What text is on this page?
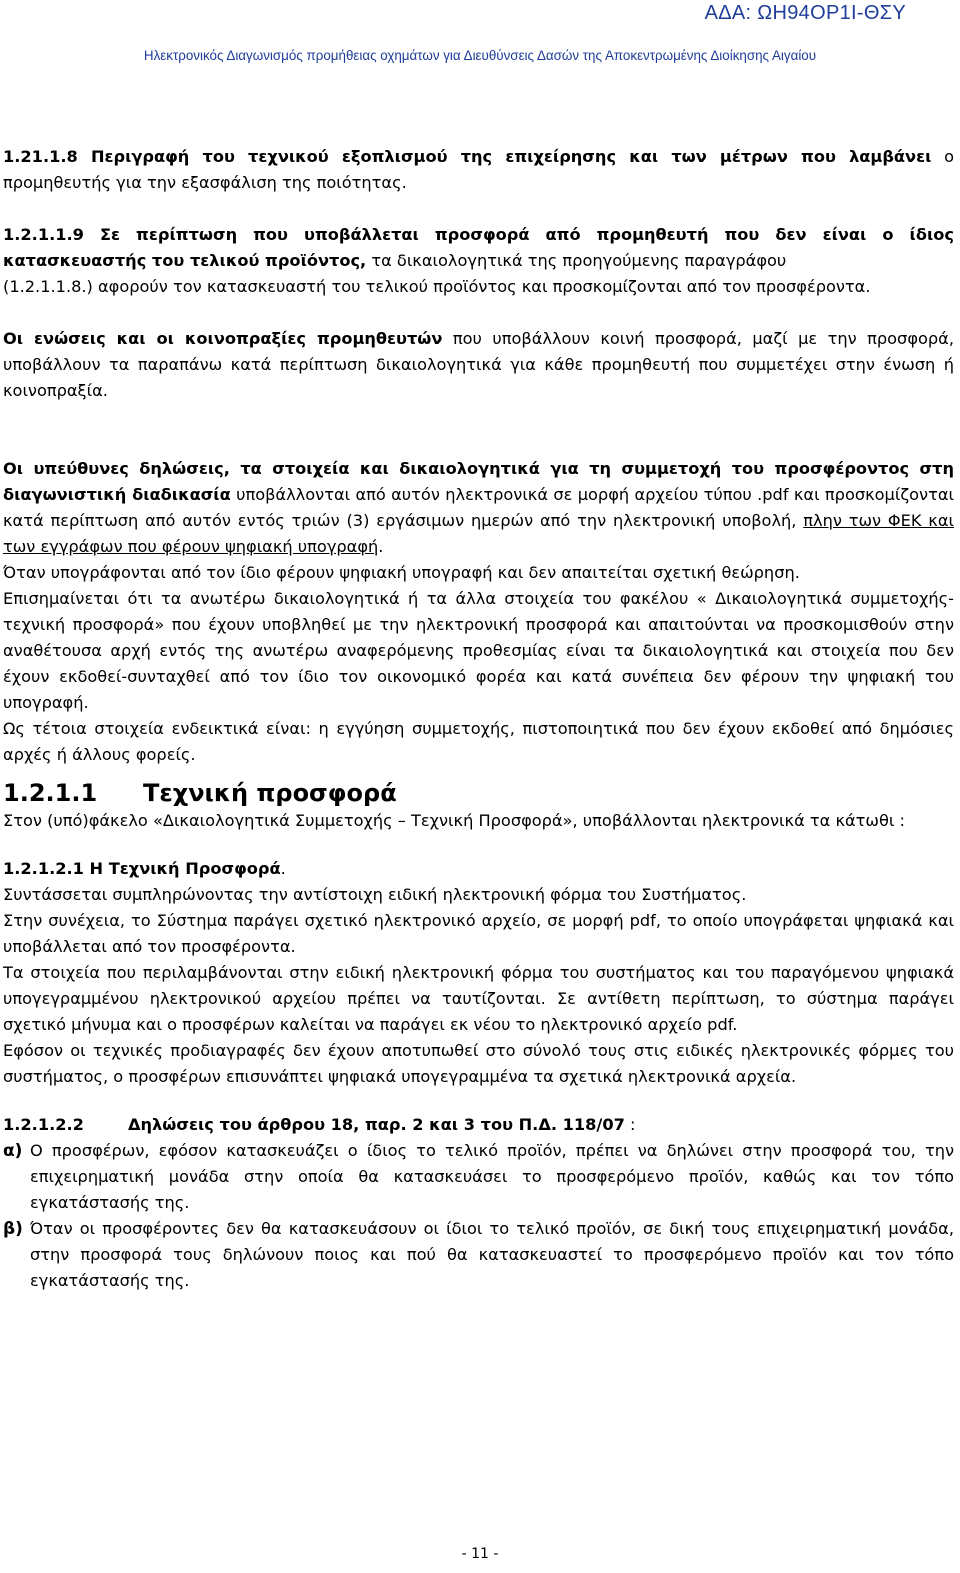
ΑΔΑ: ΩΗ94ΟΡ1Ι-ΘΣΥ
Ηλεκτρονικός Διαγωνισμός προμήθειας οχημάτων για Διευθύνσεις Δασών της Αποκεντρωμένης Διοίκησης Αιγαίου

1.21.1.8 Περιγραφή του τεχνικού εξοπλισμού της επιχείρησης και των μέτρων που λαμβάνει ο προμηθευτής για την εξασφάλιση της ποιότητας.

1.2.1.1.9 Σε περίπτωση που υποβάλλεται προσφορά από προμηθευτή που δεν είναι ο ίδιος κατασκευαστής του τελικού προϊόντος, τα δικαιολογητικά της προηγούμενης παραγράφου
(1.2.1.1.8.) αφορούν τον κατασκευαστή του τελικού προϊόντος και προσκομίζονται από τον προσφέροντα.

Οι ενώσεις και οι κοινοπραξίες προμηθευτών που υποβάλλουν κοινή προσφορά, μαζί με την προσφορά, υποβάλλουν τα παραπάνω κατά περίπτωση δικαιολογητικά για κάθε προμηθευτή που συμμετέχει στην ένωση ή κοινοπραξία.

Οι υπεύθυνες δηλώσεις, τα στοιχεία και δικαιολογητικά για τη συμμετοχή του προσφέροντος στη διαγωνιστική διαδικασία υποβάλλονται από αυτόν ηλεκτρονικά σε μορφή αρχείου τύπου .pdf και προσκομίζονται κατά περίπτωση από αυτόν εντός τριών (3) εργάσιμων ημερών από την ηλεκτρονική υποβολή, πλην των ΦΕΚ και των εγγράφων που φέρουν ψηφιακή υπογραφή.

Όταν υπογράφονται από τον ίδιο φέρουν ψηφιακή υπογραφή και δεν απαιτείται σχετική θεώρηση.

Επισημαίνεται ότι τα ανωτέρω δικαιολογητικά ή τα άλλα στοιχεία του φακέλου « Δικαιολογητικά συμμετοχής-τεχνική προσφορά» που έχουν υποβληθεί με την ηλεκτρονική προσφορά και απαιτούνται να προσκομισθούν στην αναθέτουσα αρχή εντός της ανωτέρω αναφερόμενης προθεσμίας είναι τα δικαιολογητικά και στοιχεία που δεν έχουν εκδοθεί-συνταχθεί από τον ίδιο τον οικονομικό φορέα και κατά συνέπεια δεν φέρουν την ψηφιακή του υπογραφή.

Ως τέτοια στοιχεία ενδεικτικά είναι: η εγγύηση συμμετοχής, πιστοποιητικά που δεν έχουν εκδοθεί από δημόσιες αρχές ή άλλους φορείς.

1.2.1.1 Τεχνική προσφορά

Στον (υπό)φάκελο «Δικαιολογητικά Συμμετοχής – Τεχνική Προσφορά», υποβάλλονται ηλεκτρονικά τα κάτωθι :

1.2.1.2.1 Η Τεχνική Προσφορά.

Συντάσσεται συμπληρώνοντας την αντίστοιχη ειδική ηλεκτρονική φόρμα του Συστήματος.

Στην συνέχεια, το Σύστημα παράγει σχετικό ηλεκτρονικό αρχείο, σε μορφή pdf, το οποίο υπογράφεται ψηφιακά και υποβάλλεται από τον προσφέροντα.

Τα στοιχεία που περιλαμβάνονται στην ειδική ηλεκτρονική φόρμα του συστήματος και του παραγόμενου ψηφιακά υπογεγραμμένου ηλεκτρονικού αρχείου πρέπει να ταυτίζονται. Σε αντίθετη περίπτωση, το σύστημα παράγει σχετικό μήνυμα και ο προσφέρων καλείται να παράγει εκ νέου το ηλεκτρονικό αρχείο pdf.

Εφόσον οι τεχνικές προδιαγραφές δεν έχουν αποτυπωθεί στο σύνολό τους στις ειδικές ηλεκτρονικές φόρμες του συστήματος, ο προσφέρων επισυνάπτει ψηφιακά υπογεγραμμένα τα σχετικά ηλεκτρονικά αρχεία.

1.2.1.2.2	Δηλώσεις του άρθρου 18, παρ. 2 και 3 του Π.Δ. 118/07 :

α) Ο προσφέρων, εφόσον κατασκευάζει ο ίδιος το τελικό προϊόν, πρέπει να δηλώνει στην προσφορά του, την επιχειρηματική μονάδα στην οποία θα κατασκευάσει το προσφερόμενο προϊόν, καθώς και τον τόπο εγκατάστασής της.

β) Όταν οι προσφέροντες δεν θα κατασκευάσουν οι ίδιοι το τελικό προϊόν, σε δική τους επιχειρηματική μονάδα, στην προσφορά τους δηλώνουν ποιος και πού θα κατασκευαστεί το προσφερόμενο προϊόν και τον τόπο εγκατάστασής της.

- 11 -
